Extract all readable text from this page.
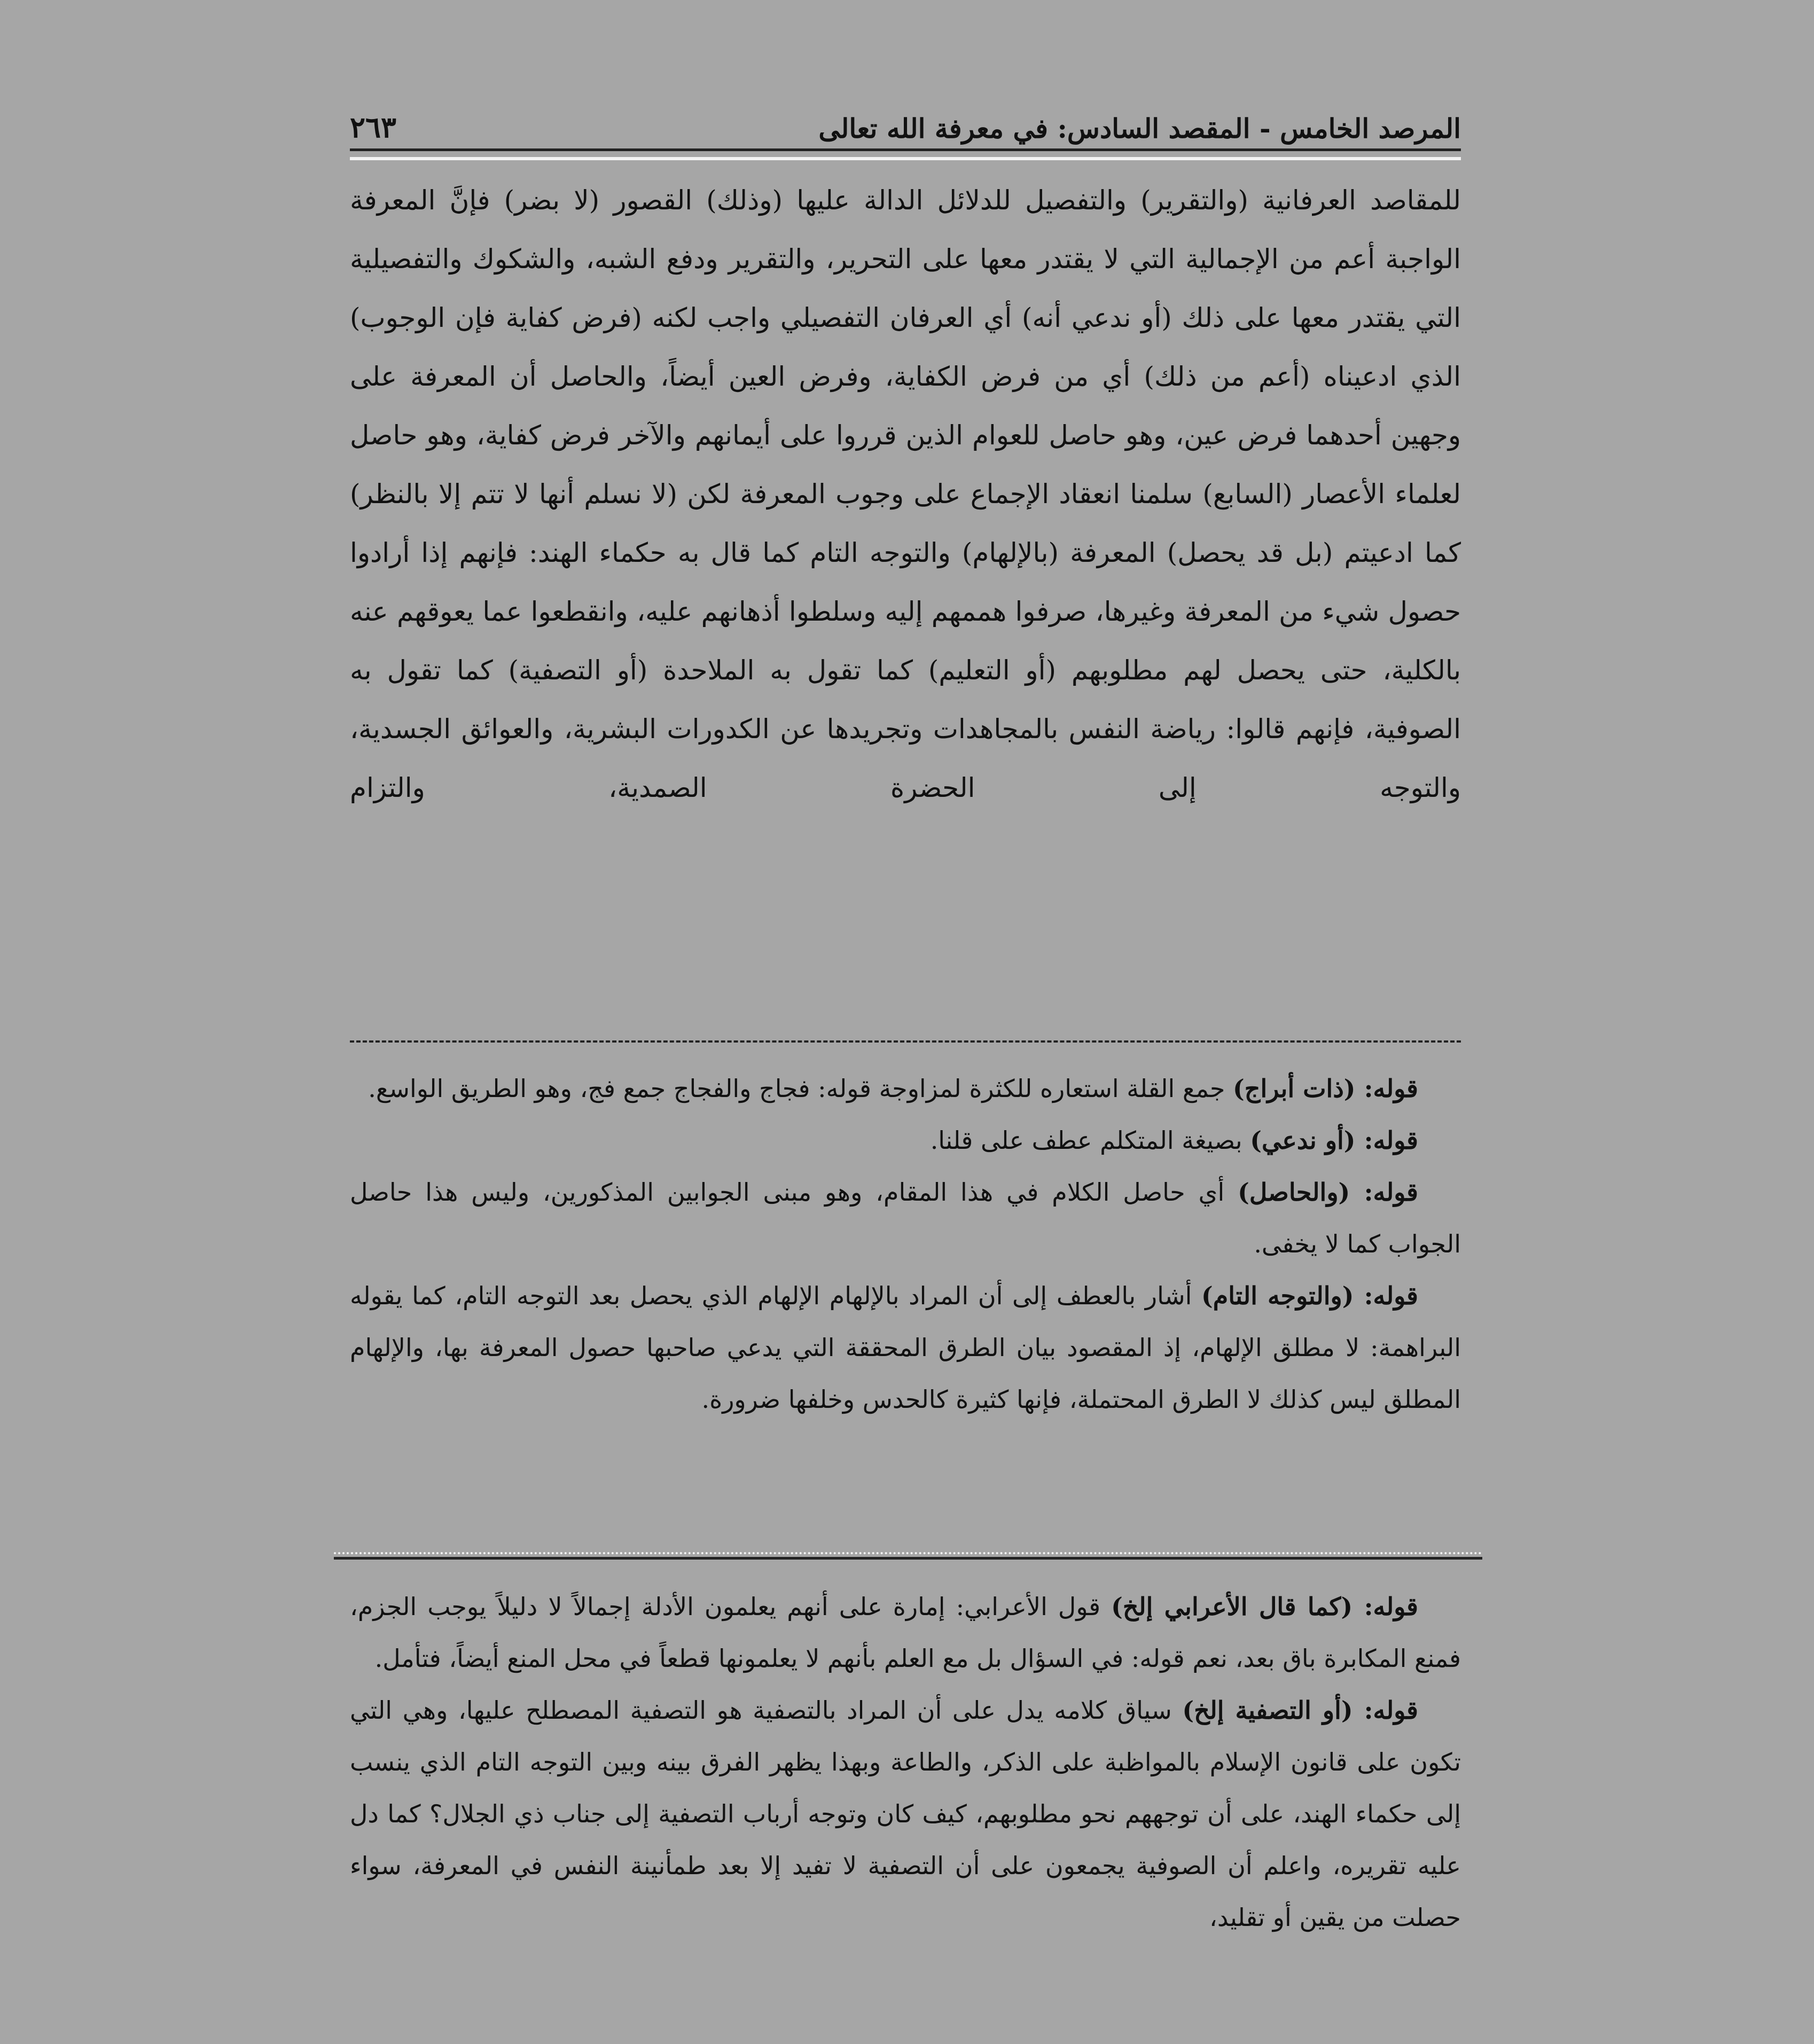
المرصد الخامس - المقصد السادس: في معرفة الله تعالى
٢٦٣

للمقاصد العرفانية (والتقرير) والتفصيل للدلائل الدالة عليها (وذلك) القصور (لا بضر) فإنَّ المعرفة الواجبة أعم من الإجمالية التي لا يقتدر معها على التحرير، والتقرير ودفع الشبه، والشكوك والتفصيلية التي يقتدر معها على ذلك (أو ندعي أنه) أي العرفان التفصيلي واجب لكنه (فرض كفاية فإن الوجوب) الذي ادعيناه (أعم من ذلك) أي من فرض الكفاية، وفرض العين أيضاً، والحاصل أن المعرفة على وجهين أحدهما فرض عين، وهو حاصل للعوام الذين قرروا على أيمانهم والآخر فرض كفاية، وهو حاصل لعلماء الأعصار (السابع) سلمنا انعقاد الإجماع على وجوب المعرفة لكن (لا نسلم أنها لا تتم إلا بالنظر) كما ادعيتم (بل قد يحصل) المعرفة (بالإلهام) والتوجه التام كما قال به حكماء الهند: فإنهم إذا أرادوا حصول شيء من المعرفة وغيرها، صرفوا هممهم إليه وسلطوا أذهانهم عليه، وانقطعوا عما يعوقهم عنه بالكلية، حتى يحصل لهم مطلوبهم (أو التعليم) كما تقول به الملاحدة (أو التصفية) كما تقول به الصوفية، فإنهم قالوا: رياضة النفس بالمجاهدات وتجريدها عن الكدورات البشرية، والعوائق الجسدية، والتوجه إلى الحضرة الصمدية، والتزام

قوله: (ذات أبراج) جمع القلة استعاره للكثرة لمزاوجة قوله: فجاج والفجاج جمع فج، وهو الطريق الواسع.

قوله: (أو ندعي) بصيغة المتكلم عطف على قلنا.

قوله: (والحاصل) أي حاصل الكلام في هذا المقام، وهو مبنى الجوابين المذكورين، وليس هذا حاصل الجواب كما لا يخفى.

قوله: (والتوجه التام) أشار بالعطف إلى أن المراد بالإلهام الإلهام الذي يحصل بعد التوجه التام، كما يقوله البراهمة: لا مطلق الإلهام، إذ المقصود بيان الطرق المحققة التي يدعي صاحبها حصول المعرفة بها، والإلهام المطلق ليس كذلك لا الطرق المحتملة، فإنها كثيرة كالحدس وخلفها ضرورة.

قوله: (كما قال الأعرابي إلخ) قول الأعرابي: إمارة على أنهم يعلمون الأدلة إجمالاً لا دليلاً يوجب الجزم، فمنع المكابرة باق بعد، نعم قوله: في السؤال بل مع العلم بأنهم لا يعلمونها قطعاً في محل المنع أيضاً، فتأمل.

قوله: (أو التصفية إلخ) سياق كلامه يدل على أن المراد بالتصفية هو التصفية المصطلح عليها، وهي التي تكون على قانون الإسلام بالمواظبة على الذكر، والطاعة وبهذا يظهر الفرق بينه وبين التوجه التام الذي ينسب إلى حكماء الهند، على أن توجههم نحو مطلوبهم، كيف كان وتوجه أرباب التصفية إلى جناب ذي الجلال؟ كما دل عليه تقريره، واعلم أن الصوفية يجمعون على أن التصفية لا تفيد إلا بعد طمأنينة النفس في المعرفة، سواء حصلت من يقين أو تقليد،
